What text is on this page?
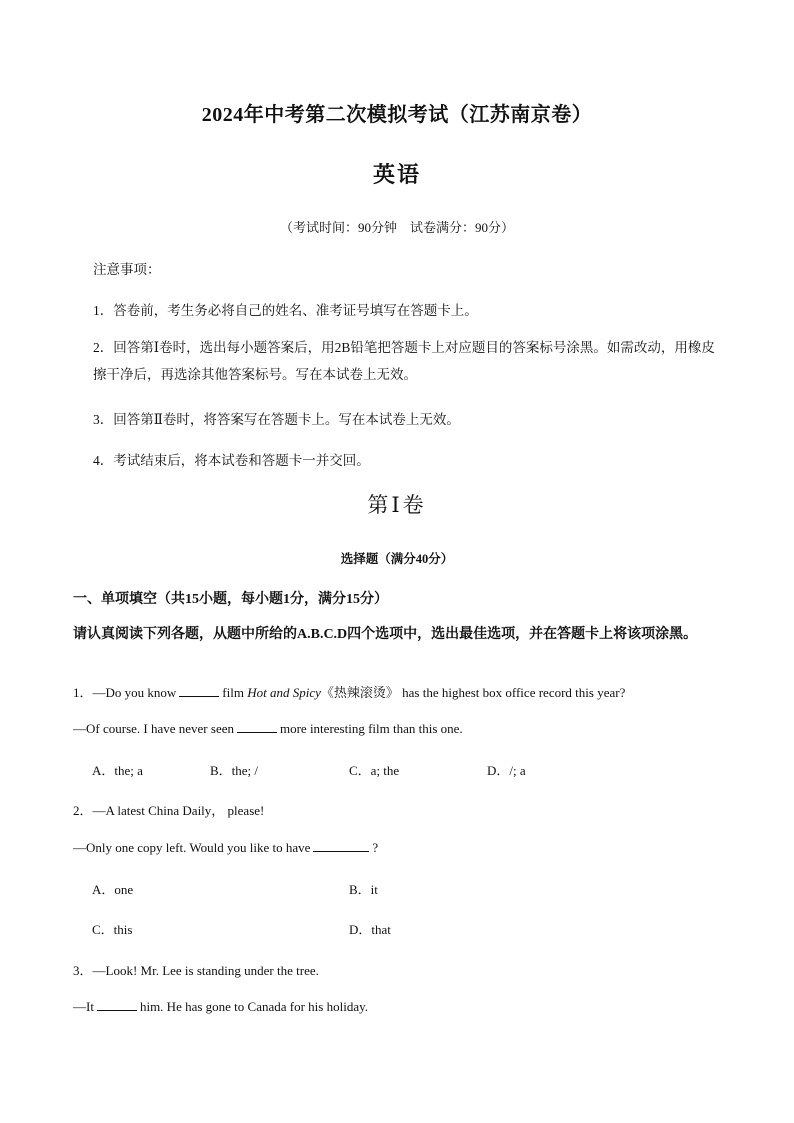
2024年中考第二次模拟考试（江苏南京卷）
英语
（考试时间：90分钟　试卷满分：90分）
注意事项：
1．答卷前，考生务必将自己的姓名、准考证号填写在答题卡上。
2．回答第Ⅰ卷时，选出每小题答案后，用2B铅笔把答题卡上对应题目的答案标号涂黑。如需改动，用橡皮擦干净后，再选涂其他答案标号。写在本试卷上无效。
3．回答第Ⅱ卷时，将答案写在答题卡上。写在本试卷上无效。
4．考试结束后，将本试卷和答题卡一并交回。
第Ⅰ卷
选择题（满分40分）
一、单项填空（共15小题，每小题1分，满分15分）
请认真阅读下列各题，从题中所给的A.B.C.D四个选项中，选出最佳选项，并在答题卡上将该项涂黑。
1．—Do you know	film Hot and Spicy《热辣滚烫》 has the highest box office record this year?
—Of course. I have never seen	more interesting film than this one.
A．the; a	B．the; /	C．a; the	D．/; a
2．—A latest China Daily， please!
—Only one copy left. Would you like to have	?
A．one	B．it
C．this	D．that
3．—Look! Mr. Lee is standing under the tree.
—It	him. He has gone to Canada for his holiday.
